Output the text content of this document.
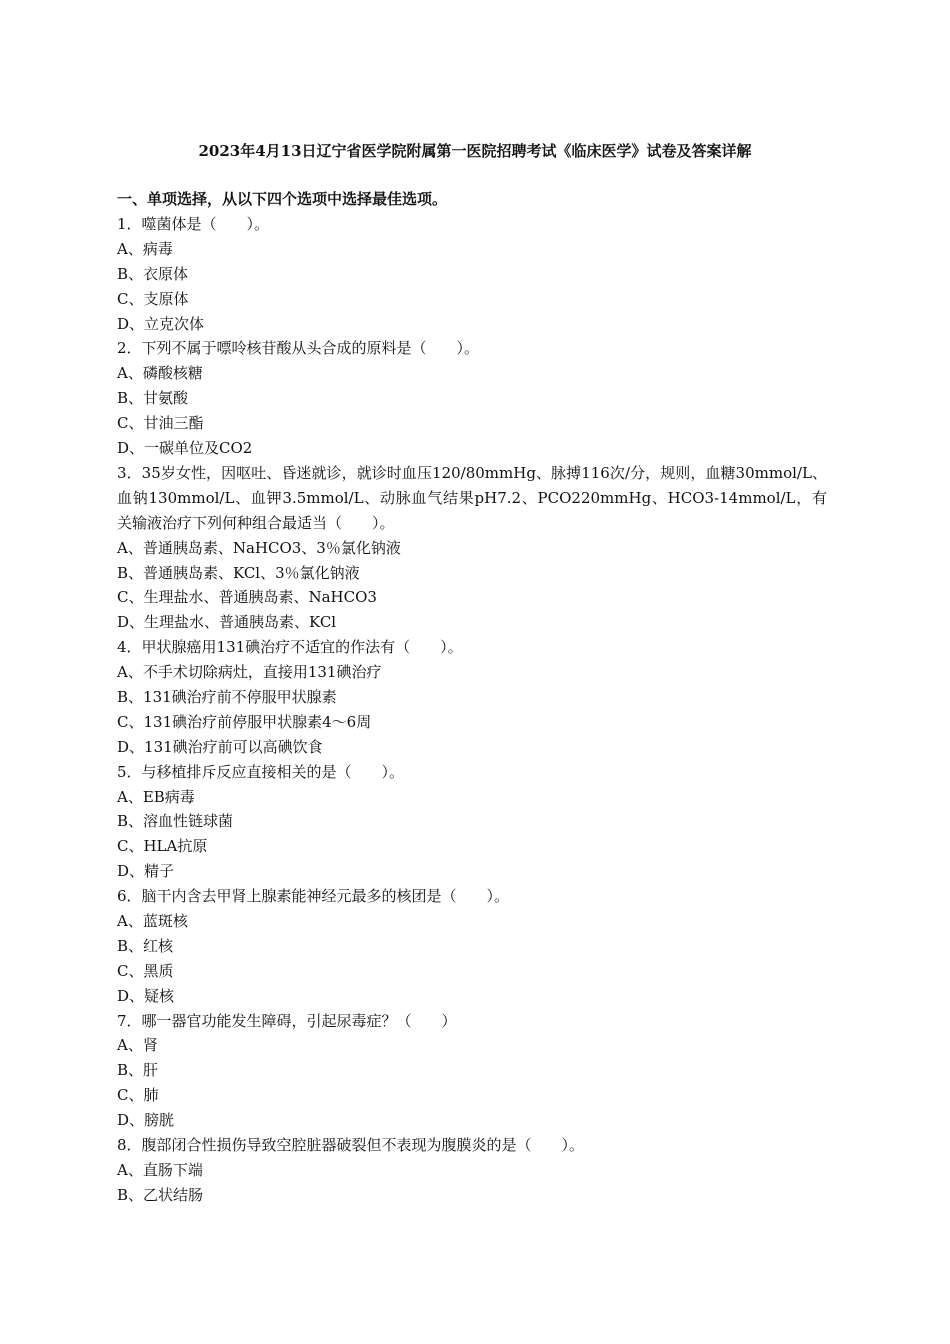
2023年4月13日辽宁省医学院附属第一医院招聘考试《临床医学》试卷及答案详解
一、单项选择，从以下四个选项中选择最佳选项。
1．噬菌体是（　　）。
A、病毒
B、衣原体
C、支原体
D、立克次体
2．下列不属于嘌呤核苷酸从头合成的原料是（　　）。
A、磷酸核糖
B、甘氨酸
C、甘油三酯
D、一碳单位及CO2
3．35岁女性，因呕吐、昏迷就诊，就诊时血压120/80mmHg、脉搏116次/分，规则，血糖30mmol/L、血钠130mmol/L、血钾3.5mmol/L、动脉血气结果pH7.2、PCO220mmHg、HCO3-14mmol/L，有关输液治疗下列何种组合最适当（　　）。
A、普通胰岛素、NaHCO3、3％氯化钠液
B、普通胰岛素、KCl、3％氯化钠液
C、生理盐水、普通胰岛素、NaHCO3
D、生理盐水、普通胰岛素、KCl
4．甲状腺癌用131碘治疗不适宜的作法有（　　）。
A、不手术切除病灶，直接用131碘治疗
B、131碘治疗前不停服甲状腺素
C、131碘治疗前停服甲状腺素4～6周
D、131碘治疗前可以高碘饮食
5．与移植排斥反应直接相关的是（　　）。
A、EB病毒
B、溶血性链球菌
C、HLA抗原
D、精子
6．脑干内含去甲肾上腺素能神经元最多的核团是（　　）。
A、蓝斑核
B、红核
C、黑质
D、疑核
7．哪一器官功能发生障碍，引起尿毒症？（　　）
A、肾
B、肝
C、肺
D、膀胱
8．腹部闭合性损伤导致空腔脏器破裂但不表现为腹膜炎的是（　　）。
A、直肠下端
B、乙状结肠
